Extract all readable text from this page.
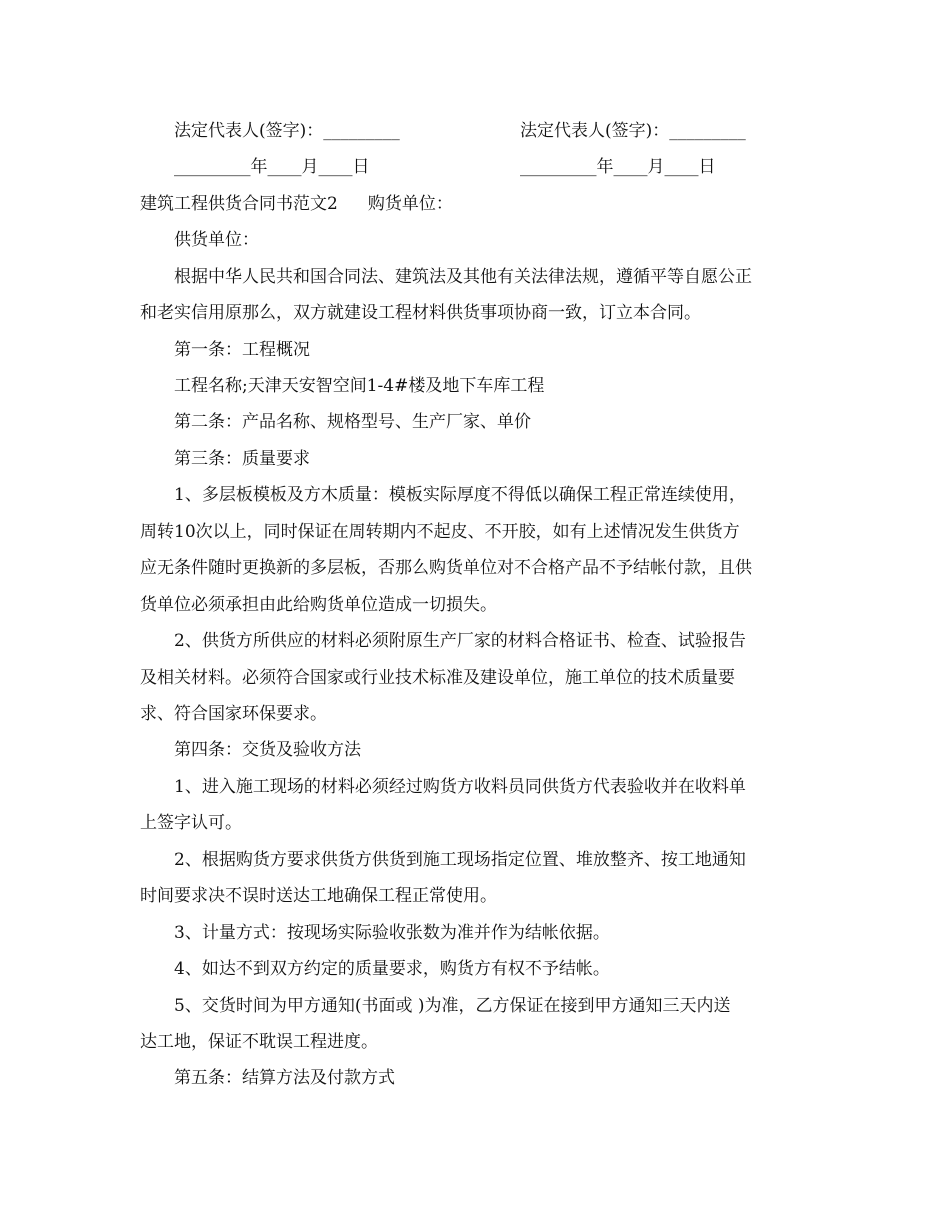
法定代表人(签字)：_________	法定代表人(签字)：_________
_________年____月____日	_________年____月____日
建筑工程供货合同书范文2 购货单位：
供货单位：
根据中华人民共和国合同法、建筑法及其他有关法律法规，遵循平等自愿公正
和老实信用原那么，双方就建设工程材料供货事项协商一致，订立本合同。
第一条：工程概况
工程名称;天津天安智空间1-4#楼及地下车库工程
第二条：产品名称、规格型号、生产厂家、单价
第三条：质量要求
1、多层板模板及方木质量：模板实际厚度不得低以确保工程正常连续使用，
周转10次以上，同时保证在周转期内不起皮、不开胶，如有上述情况发生供货方
应无条件随时更换新的多层板，否那么购货单位对不合格产品不予结帐付款，且供
货单位必须承担由此给购货单位造成一切损失。
2、供货方所供应的材料必须附原生产厂家的材料合格证书、检查、试验报告
及相关材料。必须符合国家或行业技术标准及建设单位，施工单位的技术质量要
求、符合国家环保要求。
第四条：交货及验收方法
1、进入施工现场的材料必须经过购货方收料员同供货方代表验收并在收料单
上签字认可。
2、根据购货方要求供货方供货到施工现场指定位置、堆放整齐、按工地通知
时间要求决不误时送达工地确保工程正常使用。
3、计量方式：按现场实际验收张数为准并作为结帐依据。
4、如达不到双方约定的质量要求，购货方有权不予结帐。
5、交货时间为甲方通知(书面或 )为准，乙方保证在接到甲方通知三天内送
达工地，保证不耽误工程进度。
第五条：结算方法及付款方式
